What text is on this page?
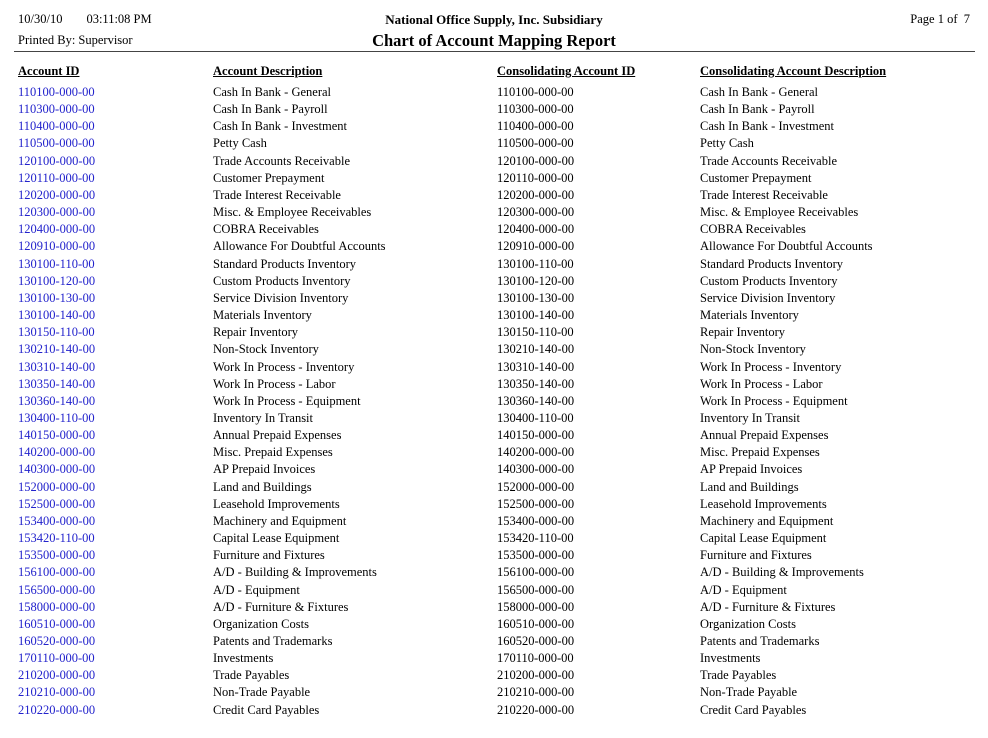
10/30/10 03:11:08 PM
Printed By: Supervisor
National Office Supply, Inc. Subsidiary
Chart of Account Mapping Report
Page 1 of  7
Account ID	Account Description	Consolidating Account ID	Consolidating Account Description
110100-000-00	Cash In Bank - General	110100-000-00	Cash In Bank - General
110300-000-00	Cash In Bank - Payroll	110300-000-00	Cash In Bank - Payroll
110400-000-00	Cash In Bank - Investment	110400-000-00	Cash In Bank - Investment
110500-000-00	Petty Cash	110500-000-00	Petty Cash
120100-000-00	Trade Accounts Receivable	120100-000-00	Trade Accounts Receivable
120110-000-00	Customer Prepayment	120110-000-00	Customer Prepayment
120200-000-00	Trade Interest Receivable	120200-000-00	Trade Interest Receivable
120300-000-00	Misc. & Employee Receivables	120300-000-00	Misc. & Employee Receivables
120400-000-00	COBRA Receivables	120400-000-00	COBRA Receivables
120910-000-00	Allowance For Doubtful Accounts	120910-000-00	Allowance For Doubtful Accounts
130100-110-00	Standard Products Inventory	130100-110-00	Standard Products Inventory
130100-120-00	Custom Products Inventory	130100-120-00	Custom Products Inventory
130100-130-00	Service Division Inventory	130100-130-00	Service Division Inventory
130100-140-00	Materials Inventory	130100-140-00	Materials Inventory
130150-110-00	Repair Inventory	130150-110-00	Repair Inventory
130210-140-00	Non-Stock Inventory	130210-140-00	Non-Stock Inventory
130310-140-00	Work In Process - Inventory	130310-140-00	Work In Process - Inventory
130350-140-00	Work In Process - Labor	130350-140-00	Work In Process - Labor
130360-140-00	Work In Process - Equipment	130360-140-00	Work In Process - Equipment
130400-110-00	Inventory In Transit	130400-110-00	Inventory In Transit
140150-000-00	Annual Prepaid Expenses	140150-000-00	Annual Prepaid Expenses
140200-000-00	Misc. Prepaid Expenses	140200-000-00	Misc. Prepaid Expenses
140300-000-00	AP Prepaid Invoices	140300-000-00	AP Prepaid Invoices
152000-000-00	Land and Buildings	152000-000-00	Land and Buildings
152500-000-00	Leasehold Improvements	152500-000-00	Leasehold Improvements
153400-000-00	Machinery and Equipment	153400-000-00	Machinery and Equipment
153420-110-00	Capital Lease Equipment	153420-110-00	Capital Lease Equipment
153500-000-00	Furniture and Fixtures	153500-000-00	Furniture and Fixtures
156100-000-00	A/D - Building & Improvements	156100-000-00	A/D - Building & Improvements
156500-000-00	A/D - Equipment	156500-000-00	A/D - Equipment
158000-000-00	A/D - Furniture & Fixtures	158000-000-00	A/D - Furniture & Fixtures
160510-000-00	Organization Costs	160510-000-00	Organization Costs
160520-000-00	Patents and Trademarks	160520-000-00	Patents and Trademarks
170110-000-00	Investments	170110-000-00	Investments
210200-000-00	Trade Payables	210200-000-00	Trade Payables
210210-000-00	Non-Trade Payable	210210-000-00	Non-Trade Payable
210220-000-00	Credit Card Payables	210220-000-00	Credit Card Payables
